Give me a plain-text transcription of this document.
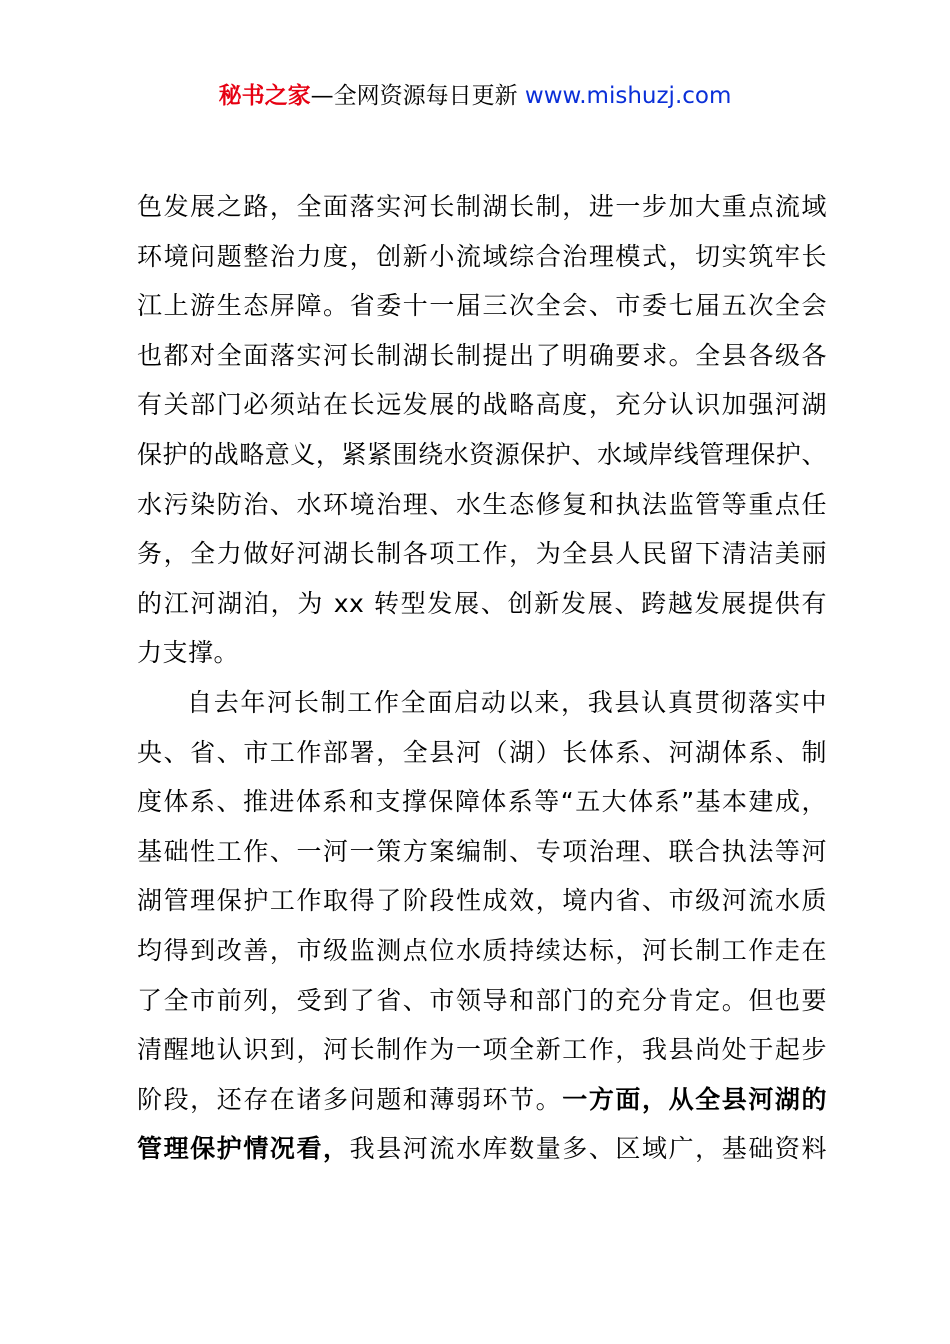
秘书之家—全网资源每日更新 www.mishuzj.com
色发展之路，全面落实河长制湖长制，进一步加大重点流域
环境问题整治力度，创新小流域综合治理模式，切实筑牢长
江上游生态屏障。省委十一届三次全会、市委七届五次全会
也都对全面落实河长制湖长制提出了明确要求。全县各级各
有关部门必须站在长远发展的战略高度，充分认识加强河湖
保护的战略意义，紧紧围绕水资源保护、水域岸线管理保护、
水污染防治、水环境治理、水生态修复和执法监管等重点任
务，全力做好河湖长制各项工作，为全县人民留下清洁美丽
的江河湖泊，为 xx 转型发展、创新发展、跨越发展提供有
力支撑。
自去年河长制工作全面启动以来，我县认真贯彻落实中
央、省、市工作部署，全县河（湖）长体系、河湖体系、制
度体系、推进体系和支撑保障体系等“五大体系”基本建成，
基础性工作、一河一策方案编制、专项治理、联合执法等河
湖管理保护工作取得了阶段性成效，境内省、市级河流水质
均得到改善，市级监测点位水质持续达标，河长制工作走在
了全市前列，受到了省、市领导和部门的充分肯定。但也要
清醒地认识到，河长制作为一项全新工作，我县尚处于起步
阶段，还存在诸多问题和薄弱环节。一方面，从全县河湖的
管理保护情况看，我县河流水库数量多、区域广，基础资料
